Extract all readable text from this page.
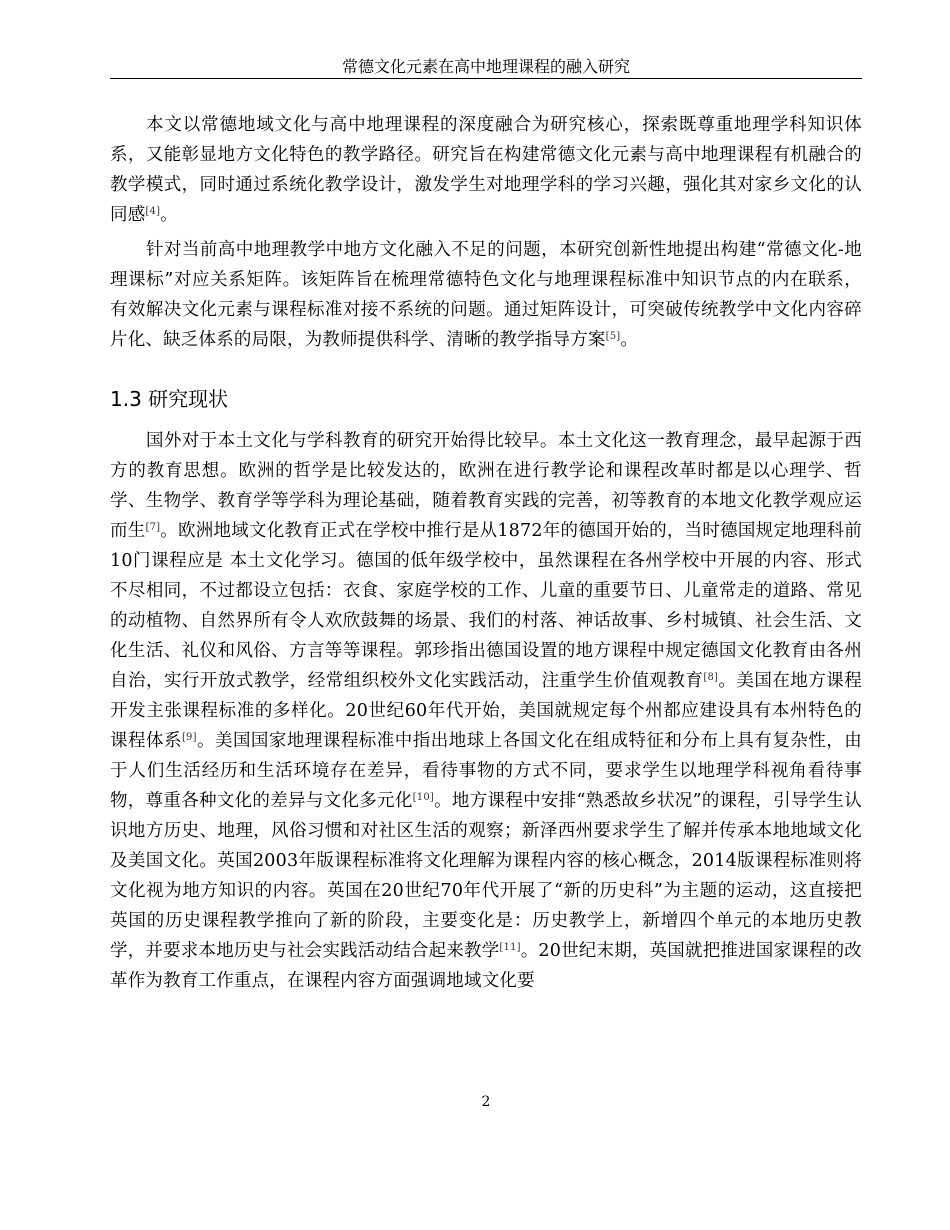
常德文化元素在高中地理课程的融入研究

本文以常德地域文化与高中地理课程的深度融合为研究核心，探索既尊重地理学科知识体系，又能彰显地方文化特色的教学路径。研究旨在构建常德文化元素与高中地理课程有机融合的教学模式，同时通过系统化教学设计，激发学生对地理学科的学习兴趣，强化其对家乡文化的认同感[4]。

针对当前高中地理教学中地方文化融入不足的问题，本研究创新性地提出构建“常德文化-地理课标”对应关系矩阵。该矩阵旨在梳理常德特色文化与地理课程标准中知识节点的内在联系，有效解决文化元素与课程标准对接不系统的问题。通过矩阵设计，可突破传统教学中文化内容碎片化、缺乏体系的局限，为教师提供科学、清晰的教学指导方案[5]。

1.3 研究现状

国外对于本土文化与学科教育的研究开始得比较早。本土文化这一教育理念，最早起源于西方的教育思想。欧洲的哲学是比较发达的，欧洲在进行教学论和课程改革时都是以心理学、哲学、生物学、教育学等学科为理论基础，随着教育实践的完善，初等教育的本地文化教学观应运而生[7]。欧洲地域文化教育正式在学校中推行是从1872年的德国开始的，当时德国规定地理科前10门课程应是 本土文化学习。德国的低年级学校中，虽然课程在各州学校中开展的内容、形式不尽相同，不过都设立包括：衣食、家庭学校的工作、儿童的重要节日、儿童常走的道路、常见的动植物、自然界所有令人欢欣鼓舞的场景、我们的村落、神话故事、乡村城镇、社会生活、文化生活、礼仪和风俗、方言等等课程。郭珍指出德国设置的地方课程中规定德国文化教育由各州自治，实行开放式教学，经常组织校外文化实践活动，注重学生价值观教育[8]。美国在地方课程开发主张课程标准的多样化。20世纪60年代开始，美国就规定每个州都应建设具有本州特色的课程体系[9]。美国国家地理课程标准中指出地球上各国文化在组成特征和分布上具有复杂性，由于人们生活经历和生活环境存在差异，看待事物的方式不同，要求学生以地理学科视角看待事物，尊重各种文化的差异与文化多元化[10]。地方课程中安排“熟悉故乡状况”的课程，引导学生认识地方历史、地理，风俗习惯和对社区生活的观察；新泽西州要求学生了解并传承本地地域文化及美国文化。英国2003年版课程标准将文化理解为课程内容的核心概念，2014版课程标准则将文化视为地方知识的内容。英国在20世纪70年代开展了“新的历史科”为主题的运动，这直接把英国的历史课程教学推向了新的阶段，主要变化是：历史教学上，新增四个单元的本地历史教学，并要求本地历史与社会实践活动结合起来教学[11]。20世纪末期，英国就把推进国家课程的改革作为教育工作重点，在课程内容方面强调地域文化要

2
